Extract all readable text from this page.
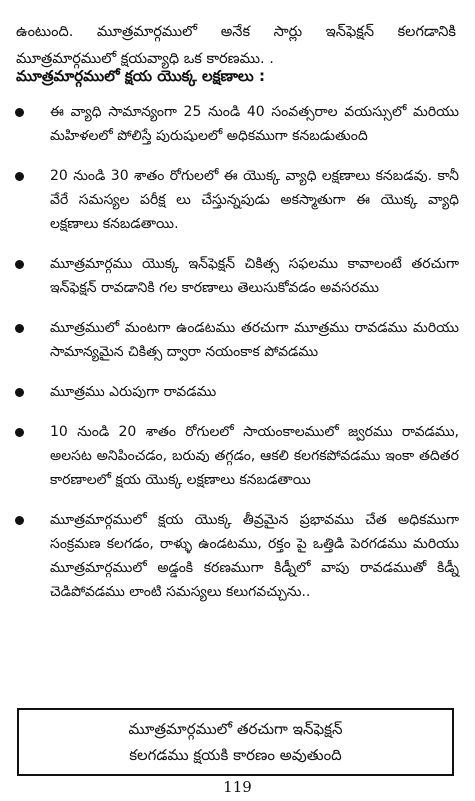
ఉంటుంది. మూత్రమార్గములో అనేక సార్లు ఇన్‌ఫెక్షన్ కలగడానికి మూత్రమార్గములో క్షయవ్యాధి ఒక కారణము. .

మూత్రమార్గములో క్షయ యొక్క లక్షణాలు :
ఈ వ్యాధి సామాన్యంగా 25 నుండి 40 సంవత్సరాల వయస్సులో మరియు మహిళలలో పోలిస్తే పురుషులలో అధికముగా కనబడుతుంది
20 నుండి 30 శాతం రోగులలో ఈ యొక్క వ్యాధి లక్షణాలు కనబడవు. కానీ వేరే సమస్యల పరీక్ష లు చేస్తున్నపుడు అకస్మాతుగా ఈ యొక్క వ్యాధి లక్షణాలు కనబడతాయి.
మూత్రమార్గము యొక్క ఇన్‌ఫెక్షన్ చికిత్స సఫలము కావాలంటే తరచుగా ఇన్‌ఫెక్షన్ రావడానికి గల కారణాలు తెలుసుకోవడం అవసరము
మూత్రములో మంటగా ఉండటము తరచుగా మూత్రము రావడము మరియు సామాన్యమైన చికిత్స ద్వారా నయంకాక పోవడము
మూత్రము ఎరుపుగా రావడము
10 నుండి 20 శాతం రోగులలో సాయంకాలములో జ్వరము రావడము, అలసట అనిపించడం, బరువు తగ్గడం, ఆకలి కలగకపోవడము ఇంకా తదితర కారణాలలో క్షయ యొక్క లక్షణాలు కనబడతాయి
మూత్రమార్గములో క్షయ యొక్క తీవ్రమైన ప్రభావము చేత అధికముగా సంక్రమణ కలగడం, రాళ్ళు ఉండటము, రక్తం పై ఒత్తిడి పెరగడము మరియు మూత్రమార్గములో అడ్డంకి కరణముగా కిడ్నీలో వాపు రావడముతో కిడ్నీ చెడిపోవడము లాంటి సమస్యలు కలుగవచ్చును..
మూత్రమార్గములో తరచుగా ఇన్‌ఫెక్షన్
కలగడము క్షయకి కారణం అవుతుంది
119
